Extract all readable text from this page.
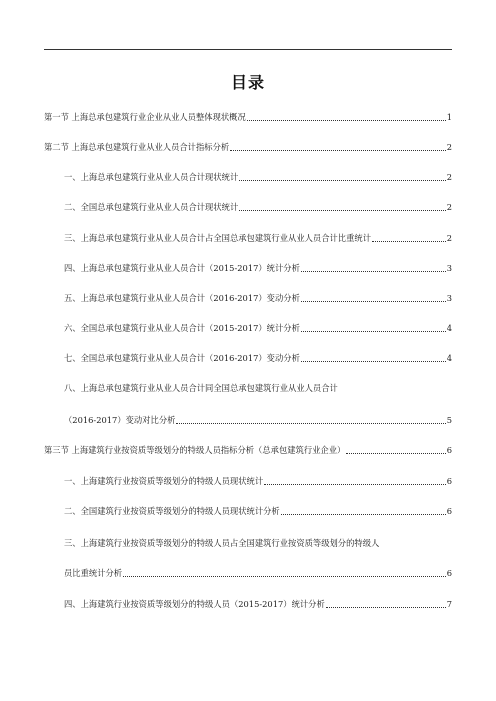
目录
第一节 上海总承包建筑行业企业从业人员整体现状概况	1
第二节 上海总承包建筑行业从业人员合计指标分析	2
一、上海总承包建筑行业从业人员合计现状统计	2
二、全国总承包建筑行业从业人员合计现状统计	2
三、上海总承包建筑行业从业人员合计占全国总承包建筑行业从业人员合计比重统计	2
四、上海总承包建筑行业从业人员合计（2015-2017）统计分析	3
五、上海总承包建筑行业从业人员合计（2016-2017）变动分析	3
六、全国总承包建筑行业从业人员合计（2015-2017）统计分析	4
七、全国总承包建筑行业从业人员合计（2016-2017）变动分析	4
八、上海总承包建筑行业从业人员合计同全国总承包建筑行业从业人员合计
（2016-2017）变动对比分析	5
第三节 上海建筑行业按资质等级划分的特级人员指标分析（总承包建筑行业企业）	6
一、上海建筑行业按资质等级划分的特级人员现状统计	6
二、全国建筑行业按资质等级划分的特级人员现状统计分析	6
三、上海建筑行业按资质等级划分的特级人员占全国建筑行业按资质等级划分的特级人
员比重统计分析	6
四、上海建筑行业按资质等级划分的特级人员（2015-2017）统计分析	7
